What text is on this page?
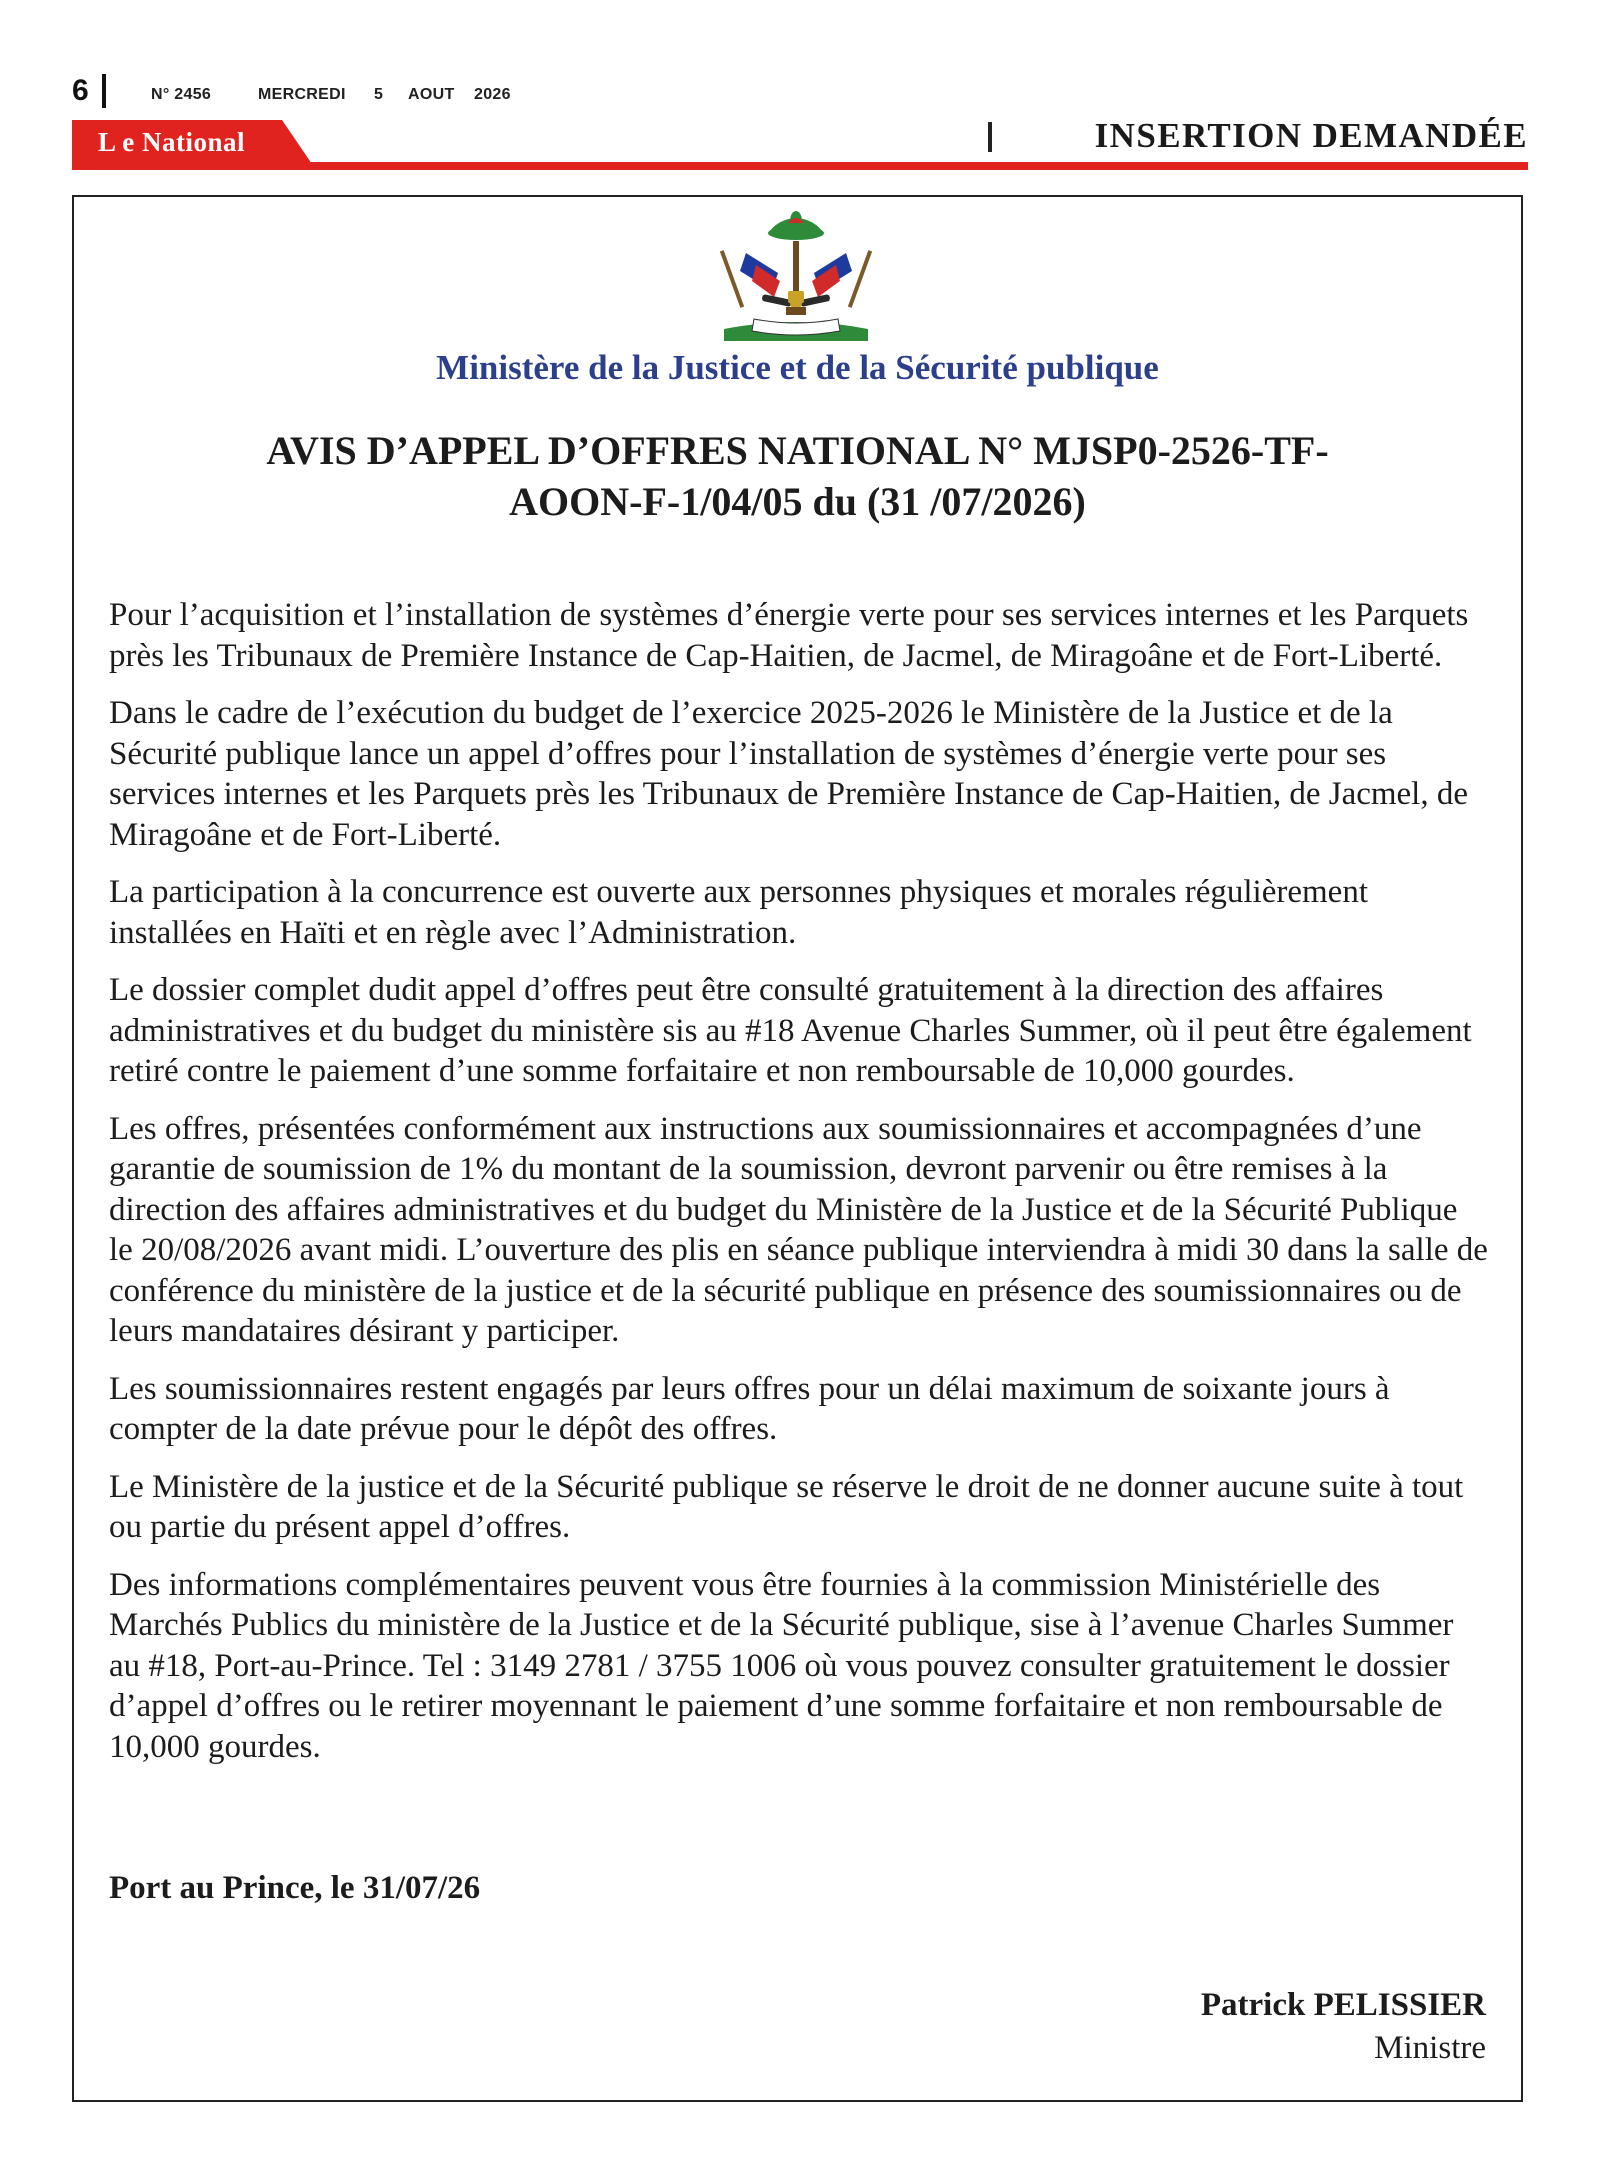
6	N° 2456	MERCREDI 5 AOUT 2026
L e National	INSERTION DEMANDÉE
Ministère de la Justice et de la Sécurité publique
AVIS D’APPEL D’OFFRES NATIONAL N° MJSP0-2526-TF-
AOON-F-1/04/05 du (31 /07/2026)

Pour l’acquisition et l’installation de systèmes d’énergie verte pour ses services internes et les Parquets près les Tribunaux de Première Instance de Cap-Haitien, de Jacmel, de Miragoâne et de Fort-Liberté.

Dans le cadre de l’exécution du budget de l’exercice 2025-2026 le Ministère de la Justice et de la Sécurité publique lance un appel d’offres pour l’installation de systèmes d’énergie verte pour ses services internes et les Parquets près les Tribunaux de Première Instance de Cap-Haitien, de Jacmel, de Miragoâne et de Fort-Liberté.

La participation à la concurrence est ouverte aux personnes physiques et morales régulièrement installées en Haïti et en règle avec l’Administration.

Le dossier complet dudit appel d’offres peut être consulté gratuitement à la direction des affaires administratives et du budget du ministère sis au #18 Avenue Charles Summer, où il peut être également retiré contre le paiement d’une somme forfaitaire et non remboursable de 10,000 gourdes.

Les offres, présentées conformément aux instructions aux soumissionnaires et accompagnées d’une garantie de soumission de 1% du montant de la soumission, devront parvenir ou être remises à la direction des affaires administratives et du budget du Ministère de la Justice et de la Sécurité Publique le 20/08/2026 avant midi. L’ouverture des plis en séance publique interviendra à midi 30 dans la salle de conférence du ministère de la justice et de la sécurité publique en présence des soumissionnaires ou de leurs mandataires désirant y participer.

Les soumissionnaires restent engagés par leurs offres pour un délai maximum de soixante jours à compter de la date prévue pour le dépôt des offres.

Le Ministère de la justice et de la Sécurité publique se réserve le droit de ne donner aucune suite à tout ou partie du présent appel d’offres.

Des informations complémentaires peuvent vous être fournies à la commission Ministérielle des Marchés Publics du ministère de la Justice et de la Sécurité publique, sise à l’avenue Charles Summer au #18, Port-au-Prince. Tel : 3149 2781 / 3755 1006 où vous pouvez consulter gratuitement le dossier d’appel d’offres ou le retirer moyennant le paiement d’une somme forfaitaire et non remboursable de 10,000 gourdes.

Port au Prince, le 31/07/26
Patrick PELISSIER
Ministre
